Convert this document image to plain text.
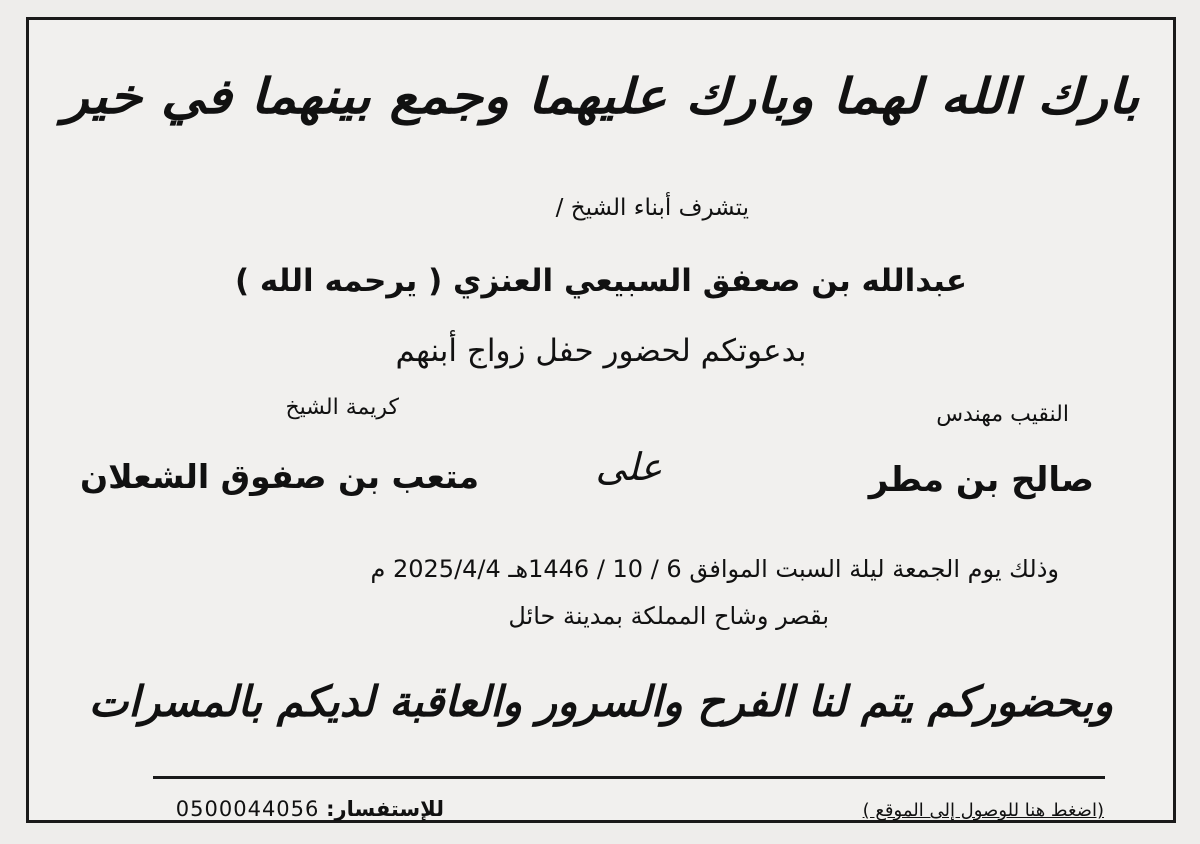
بارك الله لهما وبارك عليهما وجمع بينهما في خير
يتشرف أبناء الشيخ /
عبدالله بن صعفق السبيعي العنزي ( يرحمه الله )
بدعوتكم لحضور حفل زواج أبنهم
النقيب مهندس
كريمة الشيخ
صالح بن مطر
على
متعب بن صفوق الشعلان
وذلك يوم الجمعة ليلة السبت الموافق 6 / 10 / 1446هـ 2025/4/4 م
بقصر وشاح المملكة بمدينة حائل
وبحضوركم يتم لنا الفرح والسرور والعاقبة لديكم بالمسرات
(اضغط هنا للوصول إلى الموقع )
للإستفسار: 0500044056
